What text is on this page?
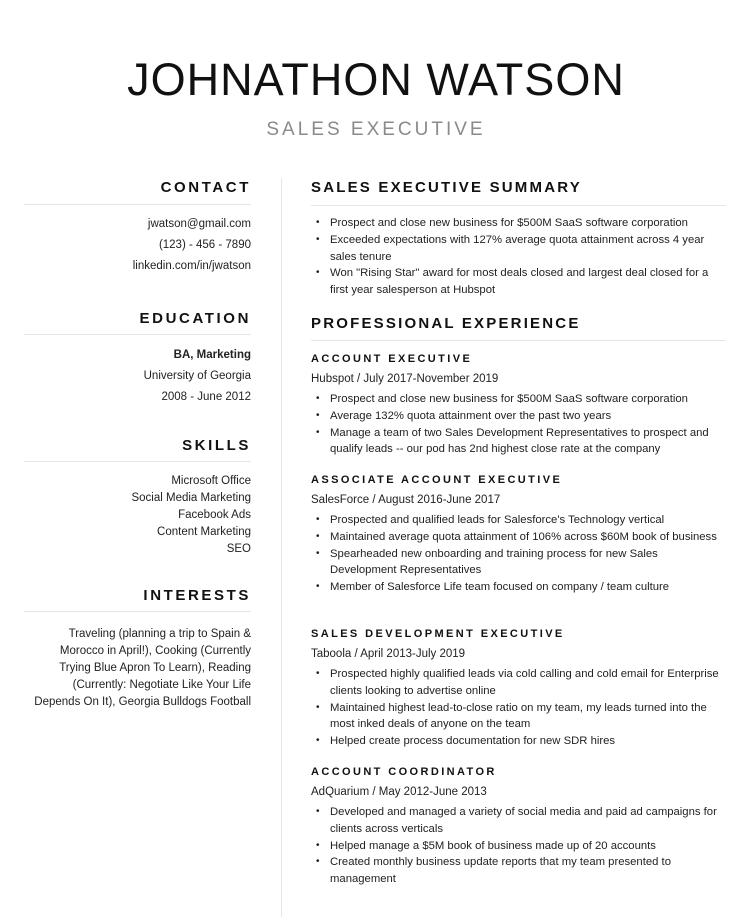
JOHNATHON WATSON
SALES EXECUTIVE
CONTACT
jwatson@gmail.com
(123) - 456 - 7890
linkedin.com/in/jwatson
EDUCATION
BA, Marketing
University of Georgia
2008 - June 2012
SKILLS
Microsoft Office
Social Media Marketing
Facebook Ads
Content Marketing
SEO
INTERESTS
Traveling (planning a trip to Spain &
Morocco in April!), Cooking (Currently
Trying Blue Apron To Learn), Reading
(Currently: Negotiate Like Your Life
Depends On It), Georgia Bulldogs Football
SALES EXECUTIVE SUMMARY
• Prospect and close new business for $500M SaaS software corporation
• Exceeded expectations with 127% average quota attainment across 4 year sales tenure
• Won "Rising Star" award for most deals closed and largest deal closed for a first year salesperson at Hubspot
PROFESSIONAL EXPERIENCE
ACCOUNT EXECUTIVE
Hubspot / July 2017-November 2019
• Prospect and close new business for $500M SaaS software corporation
• Average 132% quota attainment over the past two years
• Manage a team of two Sales Development Representatives to prospect and qualify leads -- our pod has 2nd highest close rate at the company
ASSOCIATE ACCOUNT EXECUTIVE
SalesForce / August 2016-June 2017
• Prospected and qualified leads for Salesforce's Technology vertical
• Maintained average quota attainment of 106% across $60M book of business
• Spearheaded new onboarding and training process for new Sales Development Representatives
• Member of Salesforce Life team focused on company / team culture
SALES DEVELOPMENT EXECUTIVE
Taboola / April 2013-July 2019
• Prospected highly qualified leads via cold calling and cold email for Enterprise clients looking to advertise online
• Maintained highest lead-to-close ratio on my team, my leads turned into the most inked deals of anyone on the team
• Helped create process documentation for new SDR hires
ACCOUNT COORDINATOR
AdQuarium / May 2012-June 2013
• Developed and managed a variety of social media and paid ad campaigns for clients across verticals
• Helped manage a $5M book of business made up of 20 accounts
• Created monthly business update reports that my team presented to management
